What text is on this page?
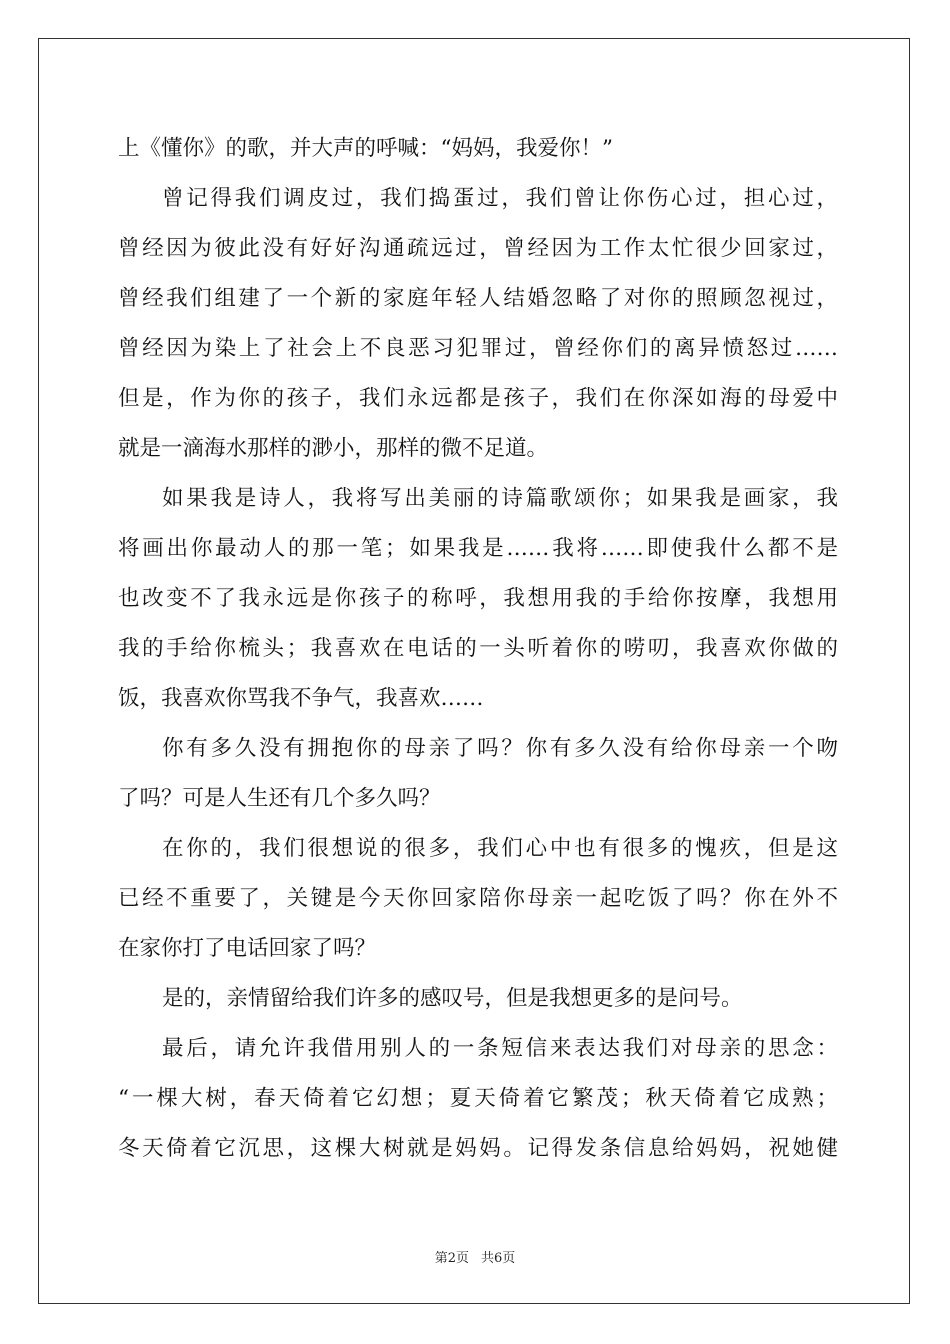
上《懂你》的歌，并大声的呼喊：“妈妈，我爱你！”
曾记得我们调皮过，我们捣蛋过，我们曾让你伤心过，担心过，
曾经因为彼此没有好好沟通疏远过，曾经因为工作太忙很少回家过，
曾经我们组建了一个新的家庭年轻人结婚忽略了对你的照顾忽视过，
曾经因为染上了社会上不良恶习犯罪过，曾经你们的离异愤怒过……
但是，作为你的孩子，我们永远都是孩子，我们在你深如海的母爱中
就是一滴海水那样的渺小，那样的微不足道。
如果我是诗人，我将写出美丽的诗篇歌颂你；如果我是画家，我
将画出你最动人的那一笔；如果我是……我将……即使我什么都不是
也改变不了我永远是你孩子的称呼，我想用我的手给你按摩，我想用
我的手给你梳头；我喜欢在电话的一头听着你的唠叨，我喜欢你做的
饭，我喜欢你骂我不争气，我喜欢……
你有多久没有拥抱你的母亲了吗？你有多久没有给你母亲一个吻
了吗？可是人生还有几个多久吗？
在你的，我们很想说的很多，我们心中也有很多的愧疚，但是这
已经不重要了，关键是今天你回家陪你母亲一起吃饭了吗？你在外不
在家你打了电话回家了吗？
是的，亲情留给我们许多的感叹号，但是我想更多的是问号。
最后，请允许我借用别人的一条短信来表达我们对母亲的思念：
“一棵大树，春天倚着它幻想；夏天倚着它繁茂；秋天倚着它成熟；
冬天倚着它沉思，这棵大树就是妈妈。记得发条信息给妈妈，祝她健
第2页 共6页
